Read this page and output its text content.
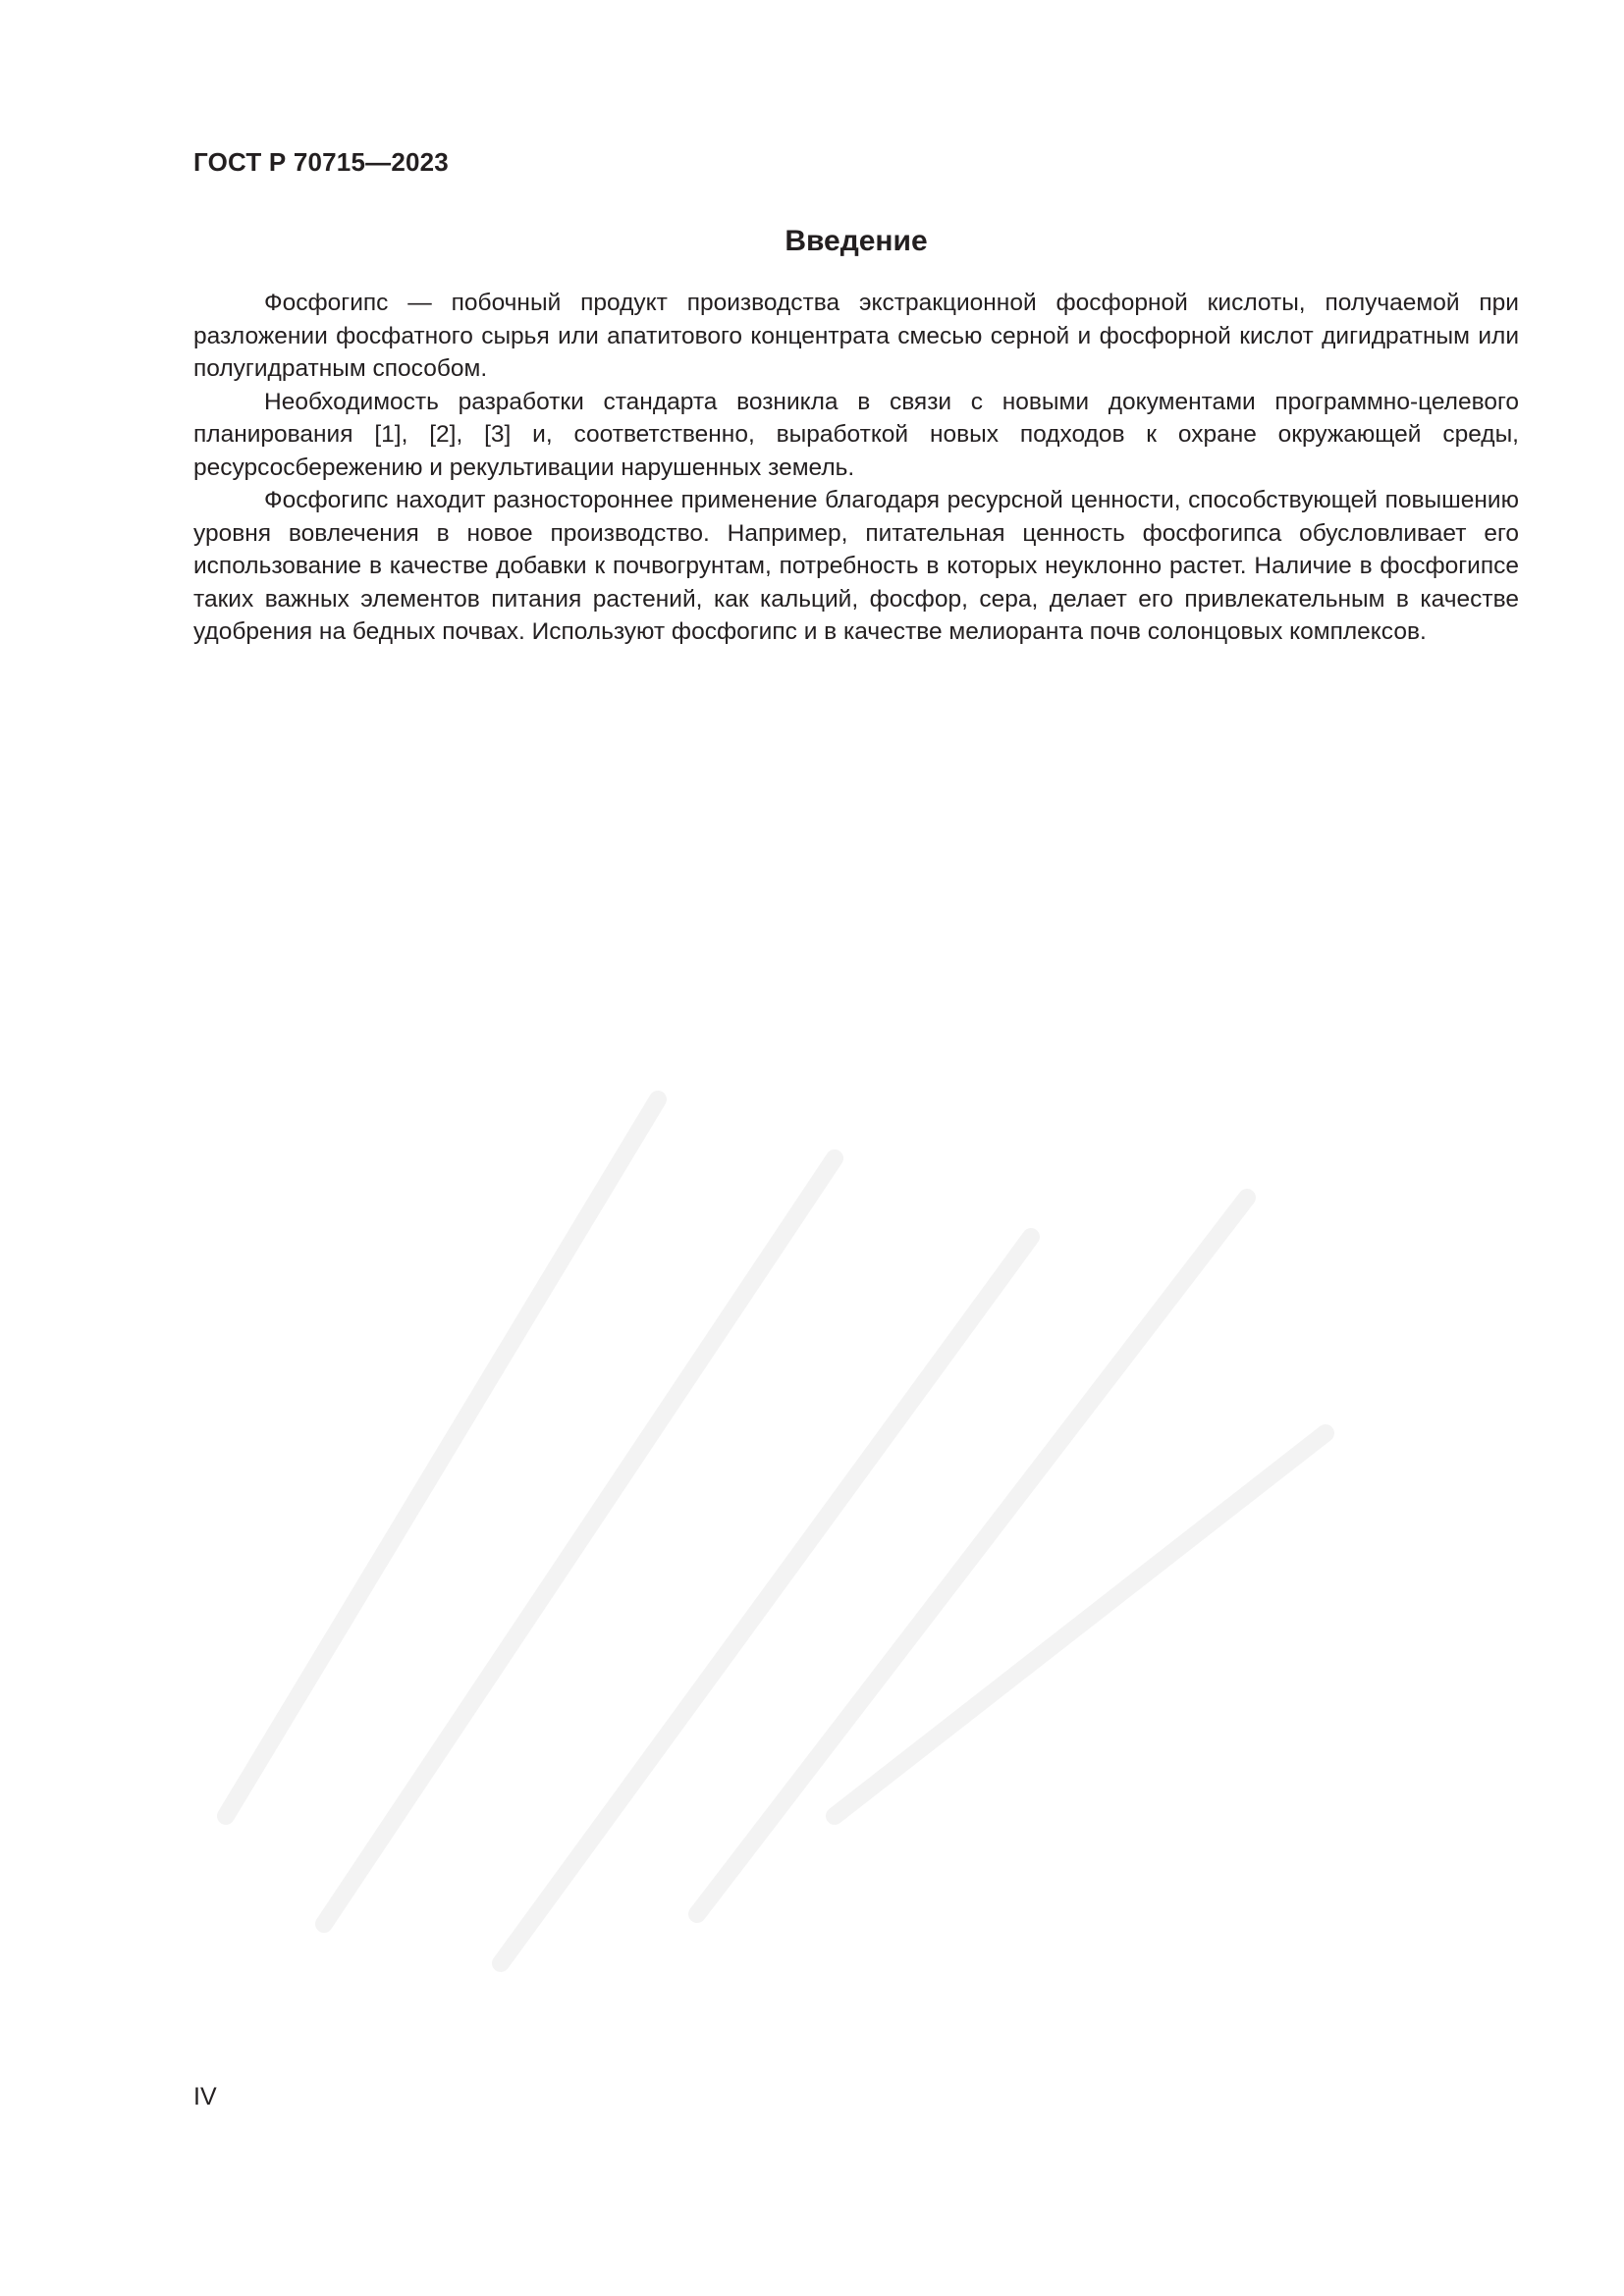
ГОСТ Р 70715—2023
Введение

Фосфогипс — побочный продукт производства экстракционной фосфорной кислоты, получаемой при разложении фосфатного сырья или апатитового концентрата смесью серной и фосфорной кислот дигидратным или полугидратным способом.

Необходимость разработки стандарта возникла в связи с новыми документами программно-целевого планирования [1], [2], [3] и, соответственно, выработкой новых подходов к охране окружающей среды, ресурсосбережению и рекультивации нарушенных земель.

Фосфогипс находит разностороннее применение благодаря ресурсной ценности, способствующей повышению уровня вовлечения в новое производство. Например, питательная ценность фосфогипса обусловливает его использование в качестве добавки к почвогрунтам, потребность в которых неуклонно растет. Наличие в фосфогипсе таких важных элементов питания растений, как кальций, фосфор, сера, делает его привлекательным в качестве удобрения на бедных почвах. Используют фосфогипс и в качестве мелиоранта почв солонцовых комплексов.

IV
